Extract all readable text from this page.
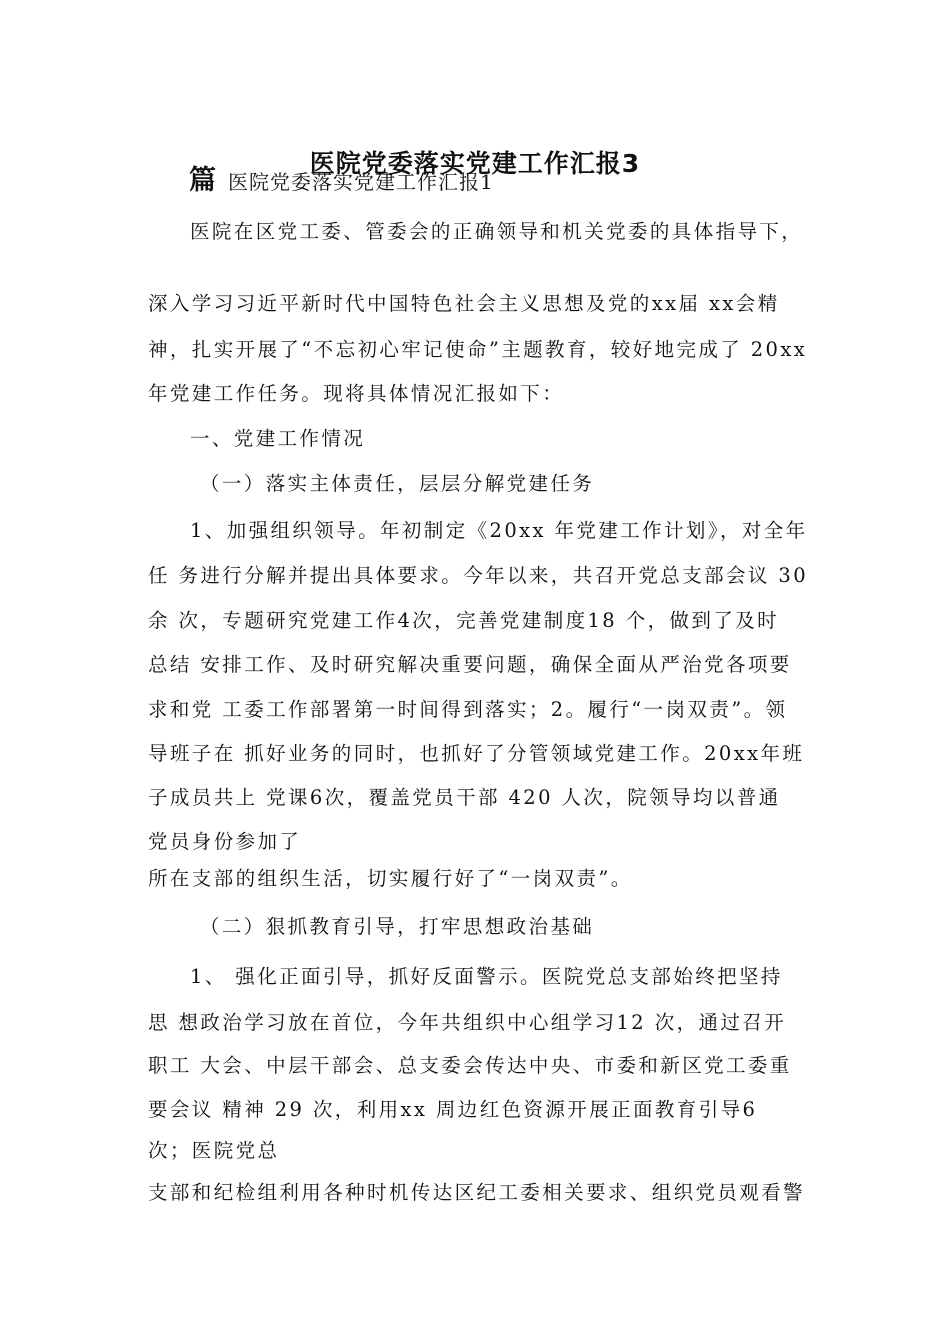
医院党委落实党建工作汇报3

篇 医院党委落实党建工作汇报1

医院在区党工委、管委会的正确领导和机关党委的具体指导下，

深入学习习近平新时代中国特色社会主义思想及党的xx届 xx会精

神，扎实开展了“不忘初心牢记使命”主题教育，较好地完成了 20xx

年党建工作任务。现将具体情况汇报如下：

一、党建工作情况

（一）落实主体责任，层层分解党建任务

1、加强组织领导。年初制定《20xx 年党建工作计划》，对全年

任 务进行分解并提出具体要求。今年以来，共召开党总支部会议 30

余 次，专题研究党建工作4次，完善党建制度18 个，做到了及时

总结 安排工作、及时研究解决重要问题，确保全面从严治党各项要

求和党 工委工作部署第一时间得到落实；2。履行“一岗双责”。领

导班子在 抓好业务的同时，也抓好了分管领域党建工作。20xx年班

子成员共上 党课6次，覆盖党员干部 420 人次，院领导均以普通

党员身份参加了

所在支部的组织生活，切实履行好了“一岗双责”。

（二）狠抓教育引导，打牢思想政治基础

1、 强化正面引导，抓好反面警示。医院党总支部始终把坚持

思 想政治学习放在首位，今年共组织中心组学习12 次，通过召开

职工 大会、中层干部会、总支委会传达中央、市委和新区党工委重

要会议 精神 29 次，利用xx 周边红色资源开展正面教育引导6

次；医院党总

支部和纪检组利用各种时机传达区纪工委相关要求、组织党员观看警
